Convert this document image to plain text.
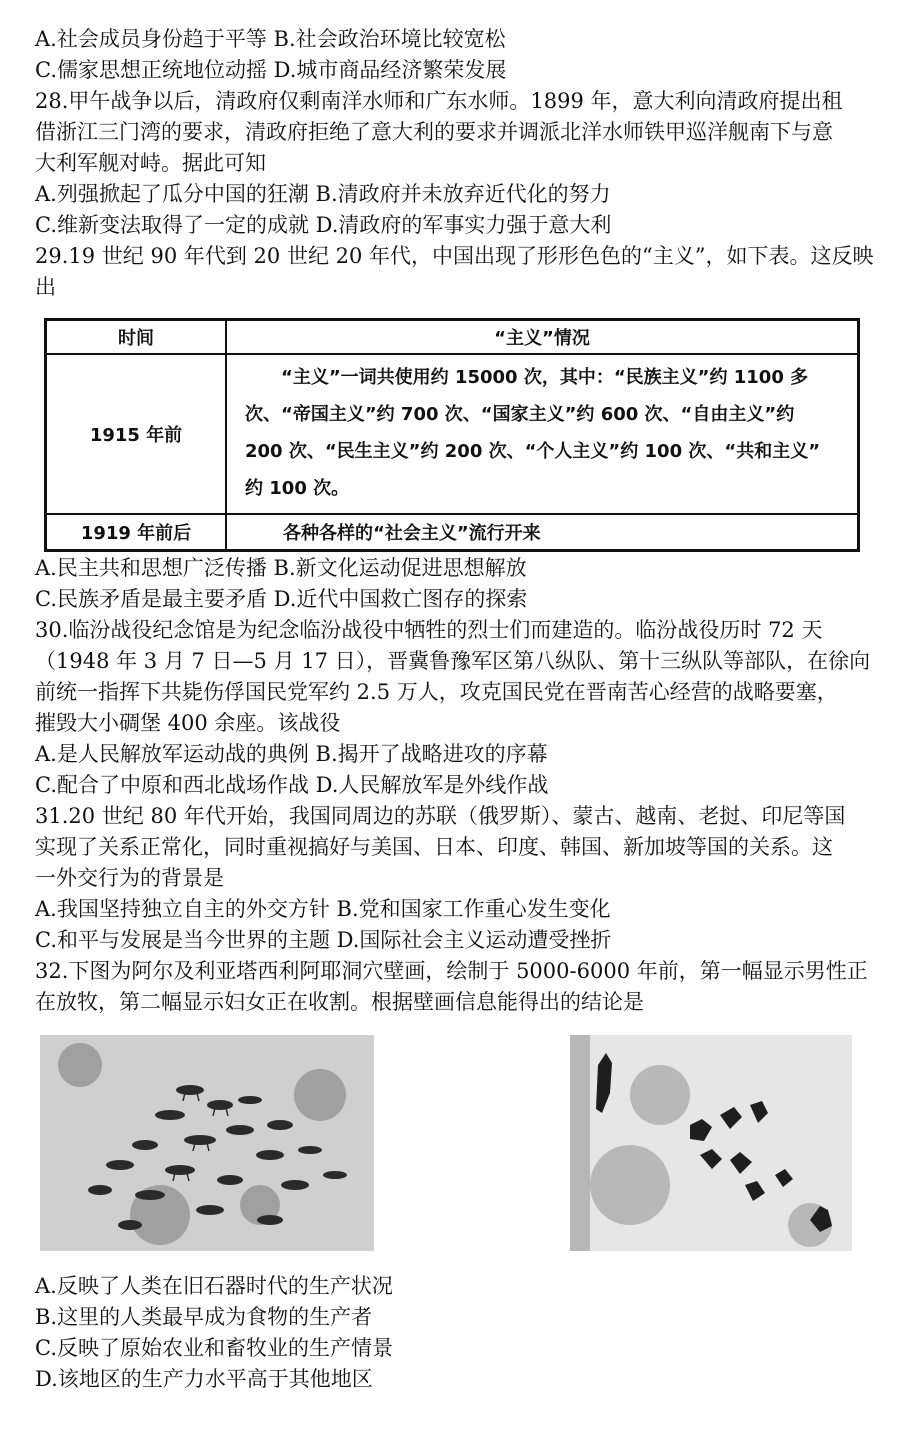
A.社会成员身份趋于平等 B.社会政治环境比较宽松
C.儒家思想正统地位动摇 D.城市商品经济繁荣发展
28.甲午战争以后，清政府仅剩南洋水师和广东水师。1899 年，意大利向清政府提出租
借浙江三门湾的要求，清政府拒绝了意大利的要求并调派北洋水师铁甲巡洋舰南下与意
大利军舰对峙。据此可知
A.列强掀起了瓜分中国的狂潮 B.清政府并未放弃近代化的努力
C.维新变法取得了一定的成就 D.清政府的军事实力强于意大利
29.19 世纪 90 年代到 20 世纪 20 年代，中国出现了形形色色的“主义”，如下表。这反映
出
时间	“主义”情况
1915 年前	“主义”一词共使用约 15000 次，其中：“民族主义”约 1100 多
次、“帝国主义”约 700 次、“国家主义”约 600 次、“自由主义”约
200 次、“民生主义”约 200 次、“个人主义”约 100 次、“共和主义”
约 100 次。

1919 年前后	各种各样的“社会主义”流行开来
A.民主共和思想广泛传播 B.新文化运动促进思想解放
C.民族矛盾是最主要矛盾 D.近代中国救亡图存的探索
30.临汾战役纪念馆是为纪念临汾战役中牺牲的烈士们而建造的。临汾战役历时 72 天
（1948 年 3 月 7 日—5 月 17 日），晋冀鲁豫军区第八纵队、第十三纵队等部队，在徐向
前统一指挥下共毙伤俘国民党军约 2.5 万人，攻克国民党在晋南苦心经营的战略要塞，
摧毁大小碉堡 400 余座。该战役
A.是人民解放军运动战的典例 B.揭开了战略进攻的序幕
C.配合了中原和西北战场作战 D.人民解放军是外线作战
31.20 世纪 80 年代开始，我国同周边的苏联（俄罗斯）、蒙古、越南、老挝、印尼等国
实现了关系正常化，同时重视搞好与美国、日本、印度、韩国、新加坡等国的关系。这
一外交行为的背景是
A.我国坚持独立自主的外交方针 B.党和国家工作重心发生变化
C.和平与发展是当今世界的主题 D.国际社会主义运动遭受挫折
32.下图为阿尔及利亚塔西利阿耶洞穴壁画，绘制于 5000-6000 年前，第一幅显示男性正
在放牧，第二幅显示妇女正在收割。根据壁画信息能得出的结论是
A.反映了人类在旧石器时代的生产状况
B.这里的人类最早成为食物的生产者
C.反映了原始农业和畜牧业的生产情景
D.该地区的生产力水平高于其他地区
